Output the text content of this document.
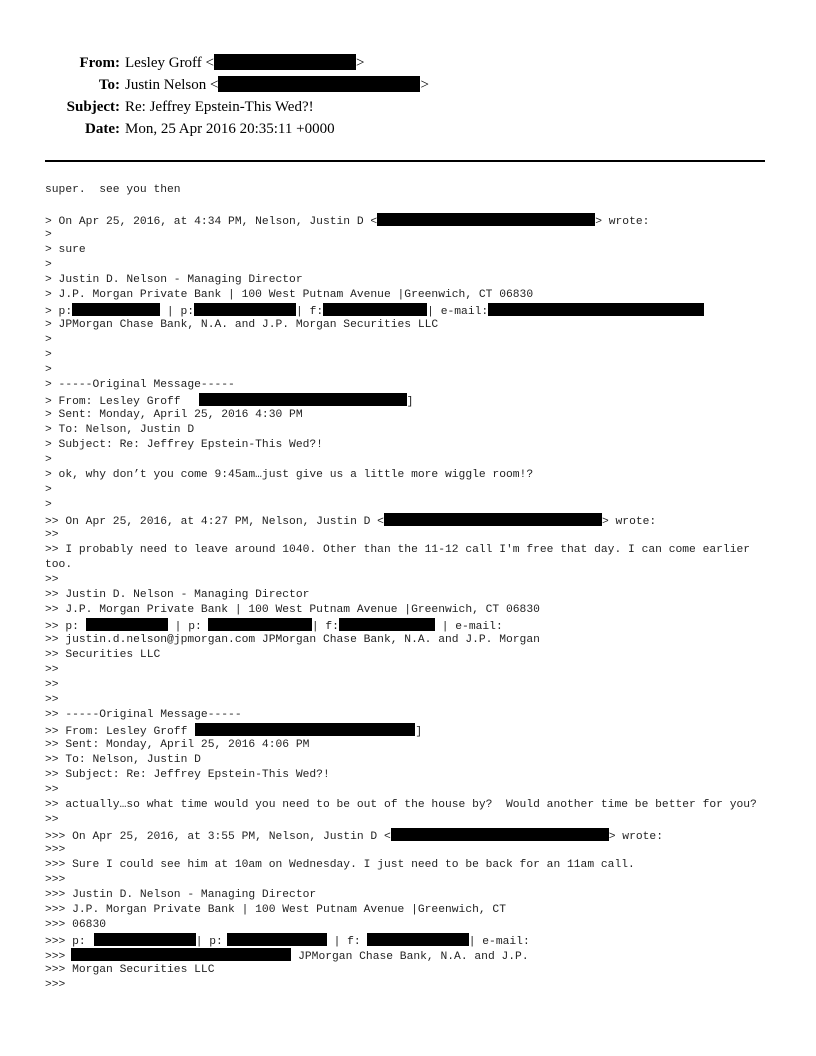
From: Lesley Groff <	>
To: Justin Nelson <	>
Subject: Re: Jeffrey Epstein-This Wed?!
Date: Mon, 25 Apr 2016 20:35:11 +0000
super.  see you then

> On Apr 25, 2016, at 4:34 PM, Nelson, Justin D <	> wrote:
>
> sure
>
> Justin D. Nelson - Managing Director
> J.P. Morgan Private Bank | 100 West Putnam Avenue |Greenwich, CT 06830
> p:	| p:	| f:	| e-mail:
> JPMorgan Chase Bank, N.A. and J.P. Morgan Securities LLC
>
>
>
> -----Original Message-----
> From: Lesley Groff	]
> Sent: Monday, April 25, 2016 4:30 PM
> To: Nelson, Justin D
> Subject: Re: Jeffrey Epstein-This Wed?!
>
> ok, why don’t you come 9:45am…just give us a little more wiggle room!?
>
>
>> On Apr 25, 2016, at 4:27 PM, Nelson, Justin D <	> wrote:
>>
>> I probably need to leave around 1040. Other than the 11-12 call I'm free that day. I can come earlier too.
>>
>> Justin D. Nelson - Managing Director
>> J.P. Morgan Private Bank | 100 West Putnam Avenue |Greenwich, CT 06830
>> p:	| p:	| f:	| e-mail:
>> justin.d.nelson@jpmorgan.com JPMorgan Chase Bank, N.A. and J.P. Morgan
>> Securities LLC
>>
>>
>>
>> -----Original Message-----
>> From: Lesley Groff	]
>> Sent: Monday, April 25, 2016 4:06 PM
>> To: Nelson, Justin D
>> Subject: Re: Jeffrey Epstein-This Wed?!
>>
>> actually…so what time would you need to be out of the house by?  Would another time be better for you?
>>
>>> On Apr 25, 2016, at 3:55 PM, Nelson, Justin D <	> wrote:
>>>
>>> Sure I could see him at 10am on Wednesday. I just need to be back for an 11am call.
>>>
>>> Justin D. Nelson - Managing Director
>>> J.P. Morgan Private Bank | 100 West Putnam Avenue |Greenwich, CT
>>> 06830
>>> p:	| p:	| f:	| e-mail:
>>>	JPMorgan Chase Bank, N.A. and J.P.
>>> Morgan Securities LLC
>>>
